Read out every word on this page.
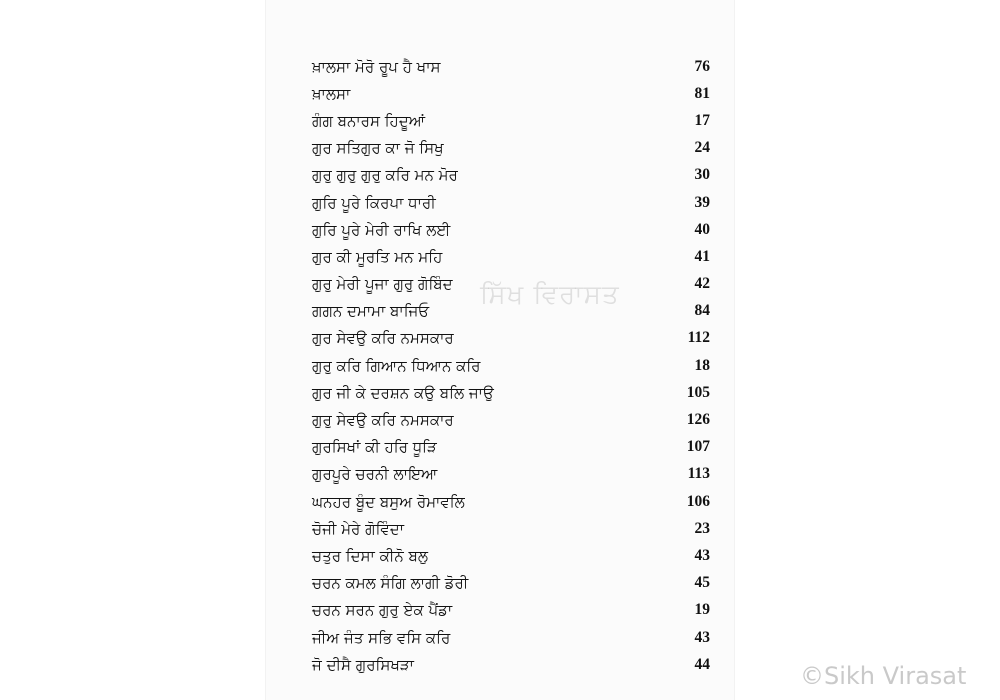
ਖ਼ਾਲਸਾ ਮੋਰੋ ਰੂਪ ਹੈ ਖਾਸ	76
ਖ਼ਾਲਸਾ	81
ਗੰਗ ਬਨਾਰਸ ਹਿਦੂਆਂ	17
ਗੁਰ ਸਤਿਗੁਰ ਕਾ ਜੋ ਸਿਖੁ	24
ਗੁਰੁ ਗੁਰੁ ਗੁਰੁ ਕਰਿ ਮਨ ਮੋਰ	30
ਗੁਰਿ ਪੂਰੇ ਕਿਰਪਾ ਧਾਰੀ	39
ਗੁਰਿ ਪੂਰੇ ਮੇਰੀ ਰਾਖਿ ਲਈ	40
ਗੁਰ ਕੀ ਮੂਰਤਿ ਮਨ ਮਹਿ	41
ਗੁਰੁ ਮੇਰੀ ਪੂਜਾ ਗੁਰੁ ਗੋਬਿੰਦ	42
ਗਗਨ ਦਮਾਮਾ ਬਾਜਿਓ	84
ਗੁਰ ਸੇਵਉ ਕਰਿ ਨਮਸਕਾਰ	112
ਗੁਰੁ ਕਰਿ ਗਿਆਨ ਧਿਆਨ ਕਰਿ	18
ਗੁਰ ਜੀ ਕੇ ਦਰਸ਼ਨ ਕਉ ਬਲਿ ਜਾਉ	105
ਗੁਰੁ ਸੇਵਉ ਕਰਿ ਨਮਸਕਾਰ	126
ਗੁਰਸਿਖਾਂ ਕੀ ਹਰਿ ਧੂੜਿ	107
ਗੁਰਪੂਰੇ ਚਰਨੀ ਲਾਇਆ	113
ਘਨਹਰ ਬੂੰਦ ਬਸੁਅ ਰੋਮਾਵਲਿ	106
ਚੋਜੀ ਮੇਰੇ ਗੋਵਿੰਦਾ	23
ਚਤੁਰ ਦਿਸਾ ਕੀਨੋ ਬਲੁ	43
ਚਰਨ ਕਮਲ ਸੰਗਿ ਲਾਗੀ ਡੋਰੀ	45
ਚਰਨ ਸਰਨ ਗੁਰੁ ਏਕ ਪੈਂਡਾ	19
ਜੀਅ ਜੰਤ ਸਭਿ ਵਸਿ ਕਰਿ	43
ਜੋ ਦੀਸੈ ਗੁਰਸਿਖੜਾ	44
ਸਿੱਖ ਵਿਰਾਸਤ
©Sikh Virasat
